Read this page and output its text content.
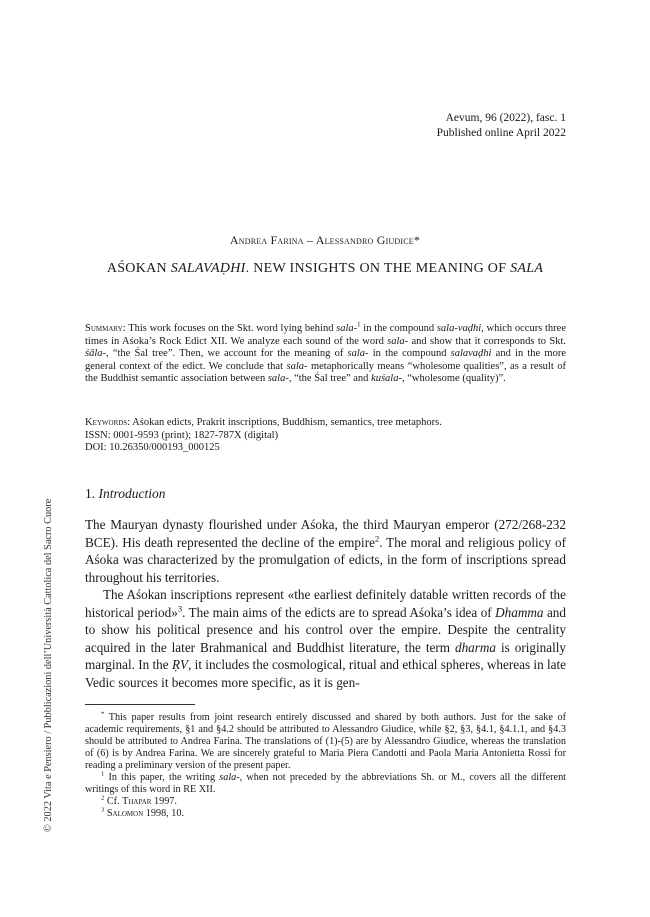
Aevum, 96 (2022), fasc. 1
Published online April 2022
Andrea Farina – Alessandro Giudice*
AŚOKAN SALAVAḌHI. NEW INSIGHTS ON THE MEANING OF SALA
Summary: This work focuses on the Skt. word lying behind sala-$^1$ in the compound sala-vaḍhi, which occurs three times in Aśoka’s Rock Edict XII. We analyze each sound of the word sala- and show that it corresponds to Skt. śāla-, “the Śal tree”. Then, we account for the meaning of sala- in the compound salavaḍhi and in the more general context of the edict. We conclude that sala- metaphorically means “wholesome qualities”, as a result of the Buddhist semantic association between sala-, “the Śal tree” and kuśala-, “wholesome (quality)”.
Keywords: Aśokan edicts, Prakrit inscriptions, Buddhism, semantics, tree metaphors.
ISSN: 0001-9593 (print); 1827-787X (digital)
DOI: 10.26350/000193_000125
1. Introduction

The Mauryan dynasty flourished under Aśoka, the third Mauryan emperor (272/268-232 BCE). His death represented the decline of the empire$^2$. The moral and religious policy of Aśoka was characterized by the promulgation of edicts, in the form of inscriptions spread throughout his territories.

The Aśokan inscriptions represent «the earliest definitely datable written records of the historical period»$^3$. The main aims of the edicts are to spread Aśoka’s idea of Dhamma and to show his political presence and his control over the empire. Despite the centrality acquired in the later Brahmanical and Buddhist literature, the term dharma is originally marginal. In the ṚV, it includes the cosmological, ritual and ethical spheres, whereas in late Vedic sources it becomes more specific, as it is gen-

* This paper results from joint research entirely discussed and shared by both authors. Just for the sake of academic requirements, §1 and §4.2 should be attributed to Alessandro Giudice, while §2, §3, §4.1, §4.1.1, and §4.3 should be attributed to Andrea Farina. The translations of (1)-(5) are by Alessandro Giudice, whereas the translation of (6) is by Andrea Farina. We are sincerely grateful to Maria Piera Candotti and Paola Maria Antonietta Rossi for reading a preliminary version of the present paper.

$^1$ In this paper, the writing sala-, when not preceded by the abbreviations Sh. or M., covers all the different writings of this word in RE XII.

$^2$ Cf. Thapar 1997.

$^3$ Salomon 1998, 10.

© 2022 Vita e Pensiero / Pubblicazioni dell’Università Cattolica del Sacro Cuore
